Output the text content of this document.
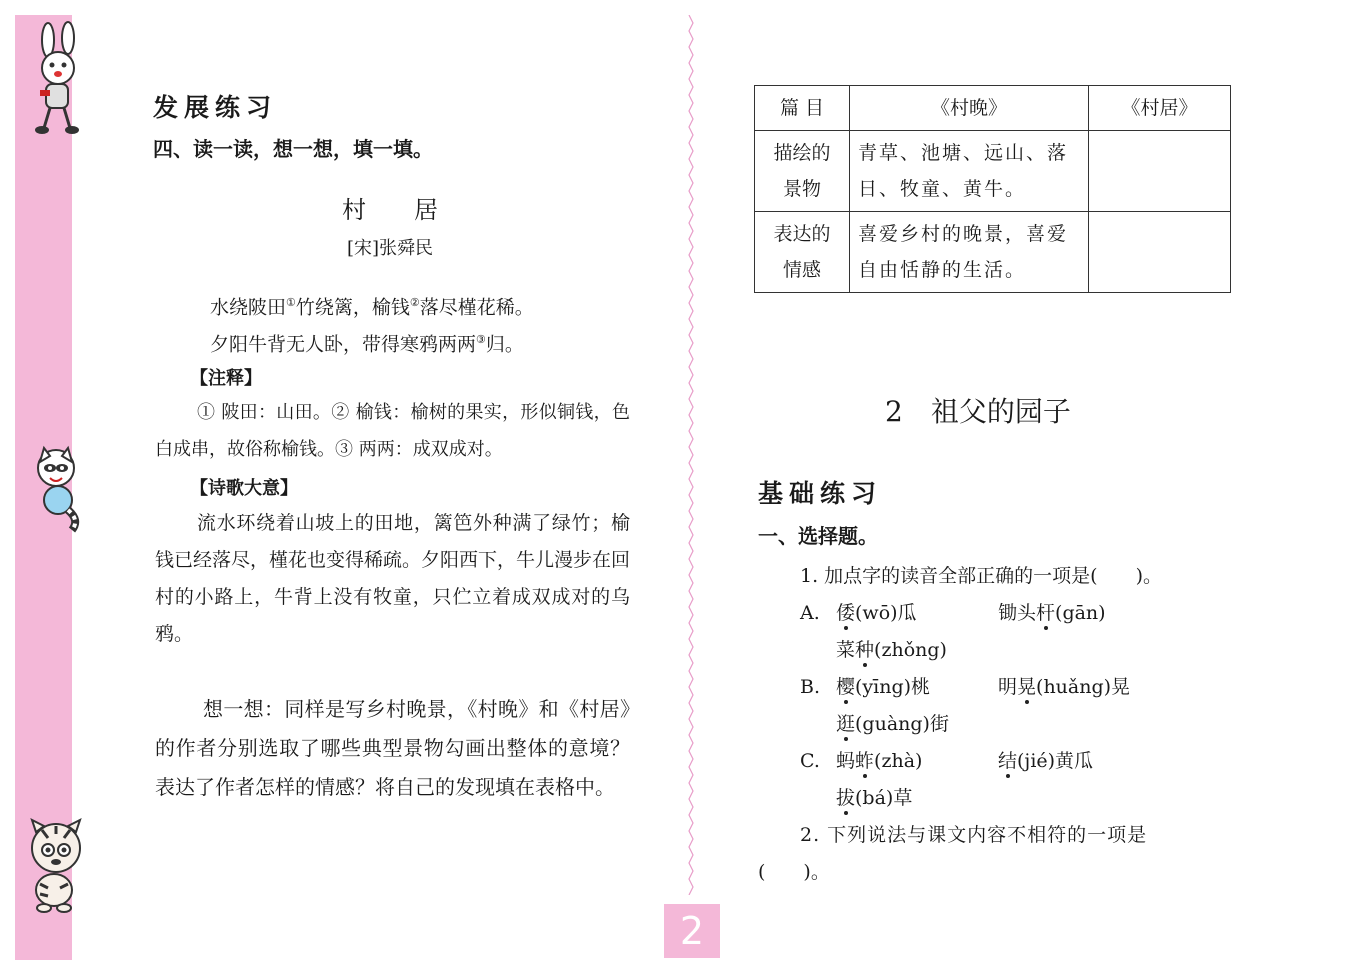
发展练习
四、读一读，想一想，填一填。
村　　居
[宋]张舜民
水绕陂田①竹绕篱，榆钱②落尽槿花稀。
夕阳牛背无人卧，带得寒鸦两两③归。
【注释】
① 陂田：山田。② 榆钱：榆树的果实，形似铜钱，色白成串，故俗称榆钱。③ 两两：成双成对。
【诗歌大意】
流水环绕着山坡上的田地，篱笆外种满了绿竹；榆钱已经落尽，槿花也变得稀疏。夕阳西下，牛儿漫步在回村的小路上，牛背上没有牧童，只伫立着成双成对的乌鸦。
想一想：同样是写乡村晚景，《村晚》和《村居》的作者分别选取了哪些典型景物勾画出整体的意境？表达了作者怎样的情感？将自己的发现填在表格中。
篇 目	《村晚》	《村居》
描绘的景物	青草、池塘、远山、落日、牧童、黄牛。	
表达的情感	喜爱乡村的晚景，喜爱自由恬静的生活。	
2 祖父的园子
基础练习
一、选择题。
1. 加点字的读音全部正确的一项是(　　)。
A. 倭(wō)瓜	锄头杆(gān)
菜种(zhǒng)
B. 樱(yīng)桃	明晃(huǎng)晃
逛(guàng)街
C. 蚂蚱(zhà)	结(jié)黄瓜
拔(bá)草
2. 下列说法与课文内容不相符的一项是
(　　)。
2
